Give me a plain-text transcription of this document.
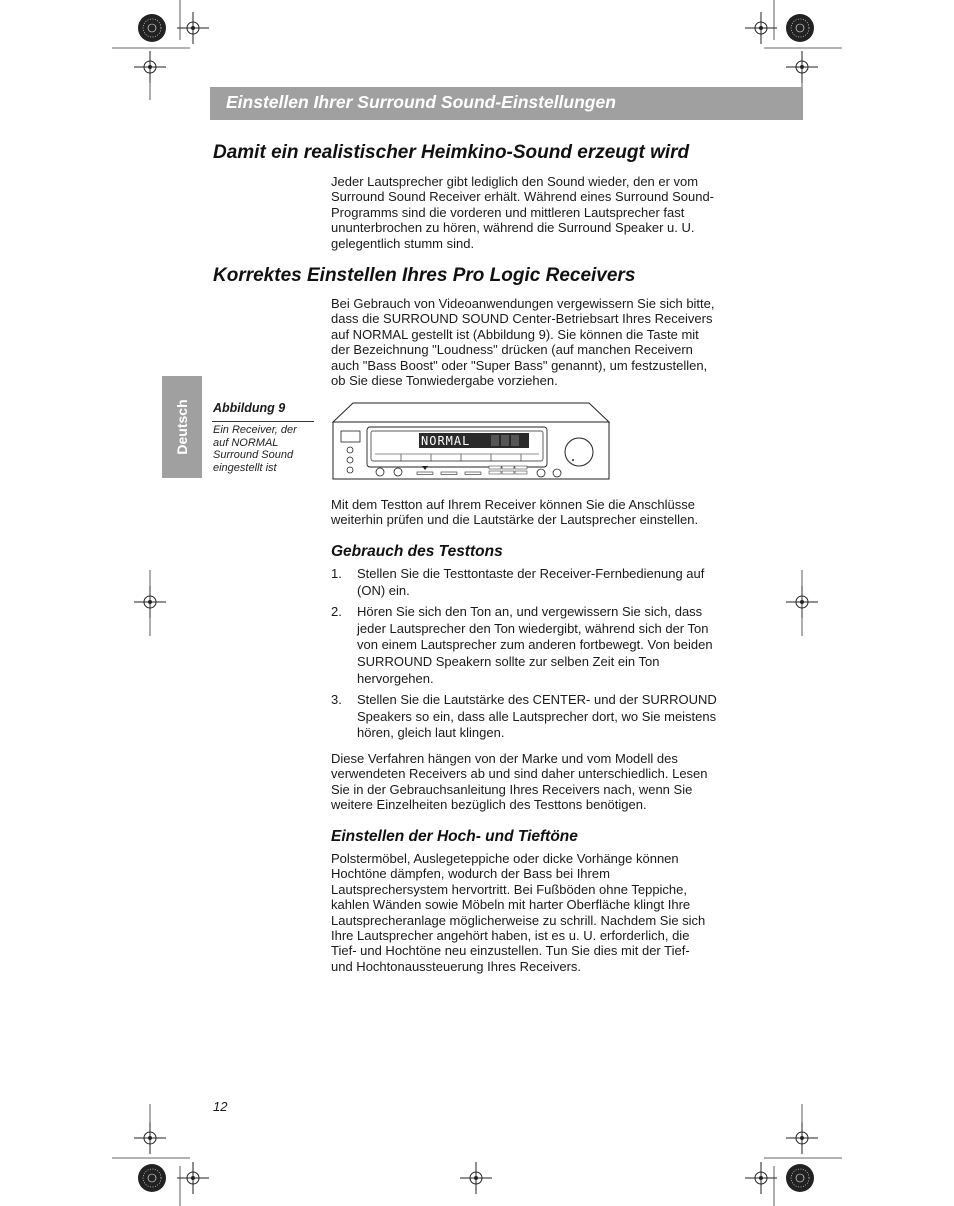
Einstellen Ihrer Surround Sound-Einstellungen
Damit ein realistischer Heimkino-Sound erzeugt wird
Jeder Lautsprecher gibt lediglich den Sound wieder, den er vom
Surround Sound Receiver erhält. Während eines Surround Sound-
Programms sind die vorderen und mittleren Lautsprecher fast
ununterbrochen zu hören, während die Surround Speaker u. U.
gelegentlich stumm sind.
Korrektes Einstellen Ihres Pro Logic Receivers
Bei Gebrauch von Videoanwendungen vergewissern Sie sich bitte,
dass die SURROUND SOUND Center-Betriebsart Ihres Receivers
auf NORMAL gestellt ist (Abbildung 9). Sie können die Taste mit
der Bezeichnung "Loudness" drücken (auf manchen Receivern
auch "Bass Boost" oder "Super Bass" genannt), um festzustellen,
ob Sie diese Tonwiedergabe vorziehen.
Deutsch Abbildung 9
Ein Receiver, der
auf NORMAL
Surround Sound
eingestellt ist
NORMAL
Mit dem Testton auf Ihrem Receiver können Sie die Anschlüsse
weiterhin prüfen und die Lautstärke der Lautsprecher einstellen.
Gebrauch des Testtons
1. Stellen Sie die Testtontaste der Receiver-Fernbedienung auf
(ON) ein.
2. Hören Sie sich den Ton an, und vergewissern Sie sich, dass
jeder Lautsprecher den Ton wiedergibt, während sich der Ton
von einem Lautsprecher zum anderen fortbewegt. Von beiden
SURROUND Speakern sollte zur selben Zeit ein Ton
hervorgehen.
3. Stellen Sie die Lautstärke des CENTER- und der SURROUND
Speakers so ein, dass alle Lautsprecher dort, wo Sie meistens
hören, gleich laut klingen.
Diese Verfahren hängen von der Marke und vom Modell des
verwendeten Receivers ab und sind daher unterschiedlich. Lesen
Sie in der Gebrauchsanleitung Ihres Receivers nach, wenn Sie
weitere Einzelheiten bezüglich des Testtons benötigen.
Einstellen der Hoch- und Tieftöne
Polstermöbel, Auslegeteppiche oder dicke Vorhänge können
Hochtöne dämpfen, wodurch der Bass bei Ihrem
Lautsprechersystem hervortritt. Bei Fußböden ohne Teppiche,
kahlen Wänden sowie Möbeln mit harter Oberfläche klingt Ihre
Lautsprecheranlage möglicherweise zu schrill. Nachdem Sie sich
Ihre Lautsprecher angehört haben, ist es u. U. erforderlich, die
Tief- und Hochtöne neu einzustellen. Tun Sie dies mit der Tief-
und Hochtonaussteuerung Ihres Receivers.
12
